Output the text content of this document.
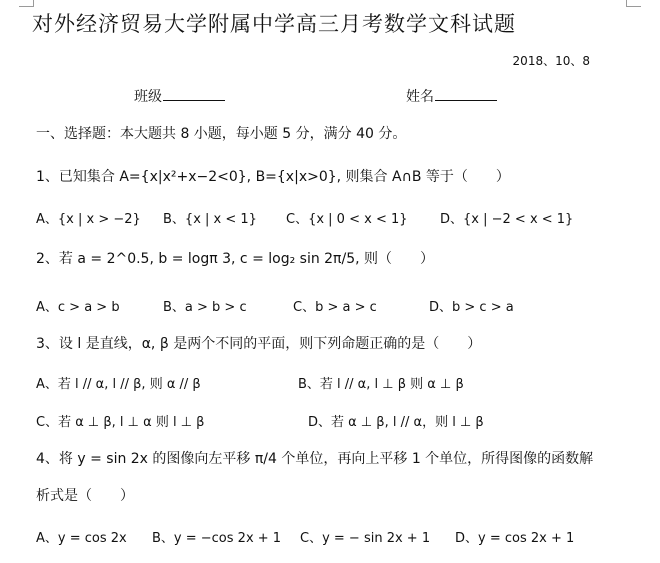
对外经济贸易大学附属中学高三月考数学文科试题
2018、10、8
班级	姓名
一、选择题：本大题共 8 小题，每小题 5 分，满分 40 分。
1、已知集合 A={x|x²+x−2<0}, B={x|x>0}, 则集合 A∩B 等于（　　）
A、{x | x > −2} B、{x | x < 1} C、{x | 0 < x < 1} D、{x | −2 < x < 1}
2、若 a = 2^0.5, b = logπ 3, c = log₂ sin 2π/5, 则（　　）
A、c > a > b	B、a > b > c	C、b > a > c	D、b > c > a
3、设 l 是直线，α, β 是两个不同的平面，则下列命题正确的是（　　）
A、若 l // α, l // β, 则 α // β	B、若 l // α, l ⊥ β 则 α ⊥ β
C、若 α ⊥ β, l ⊥ α 则 l ⊥ β	D、若 α ⊥ β, l // α，则 l ⊥ β
4、将 y = sin 2x 的图像向左平移 π/4 个单位，再向上平移 1 个单位，所得图像的函数解析式是（　　）
A、y = cos 2x B、y = −cos 2x + 1 C、y = − sin 2x + 1 D、y = cos 2x + 1
